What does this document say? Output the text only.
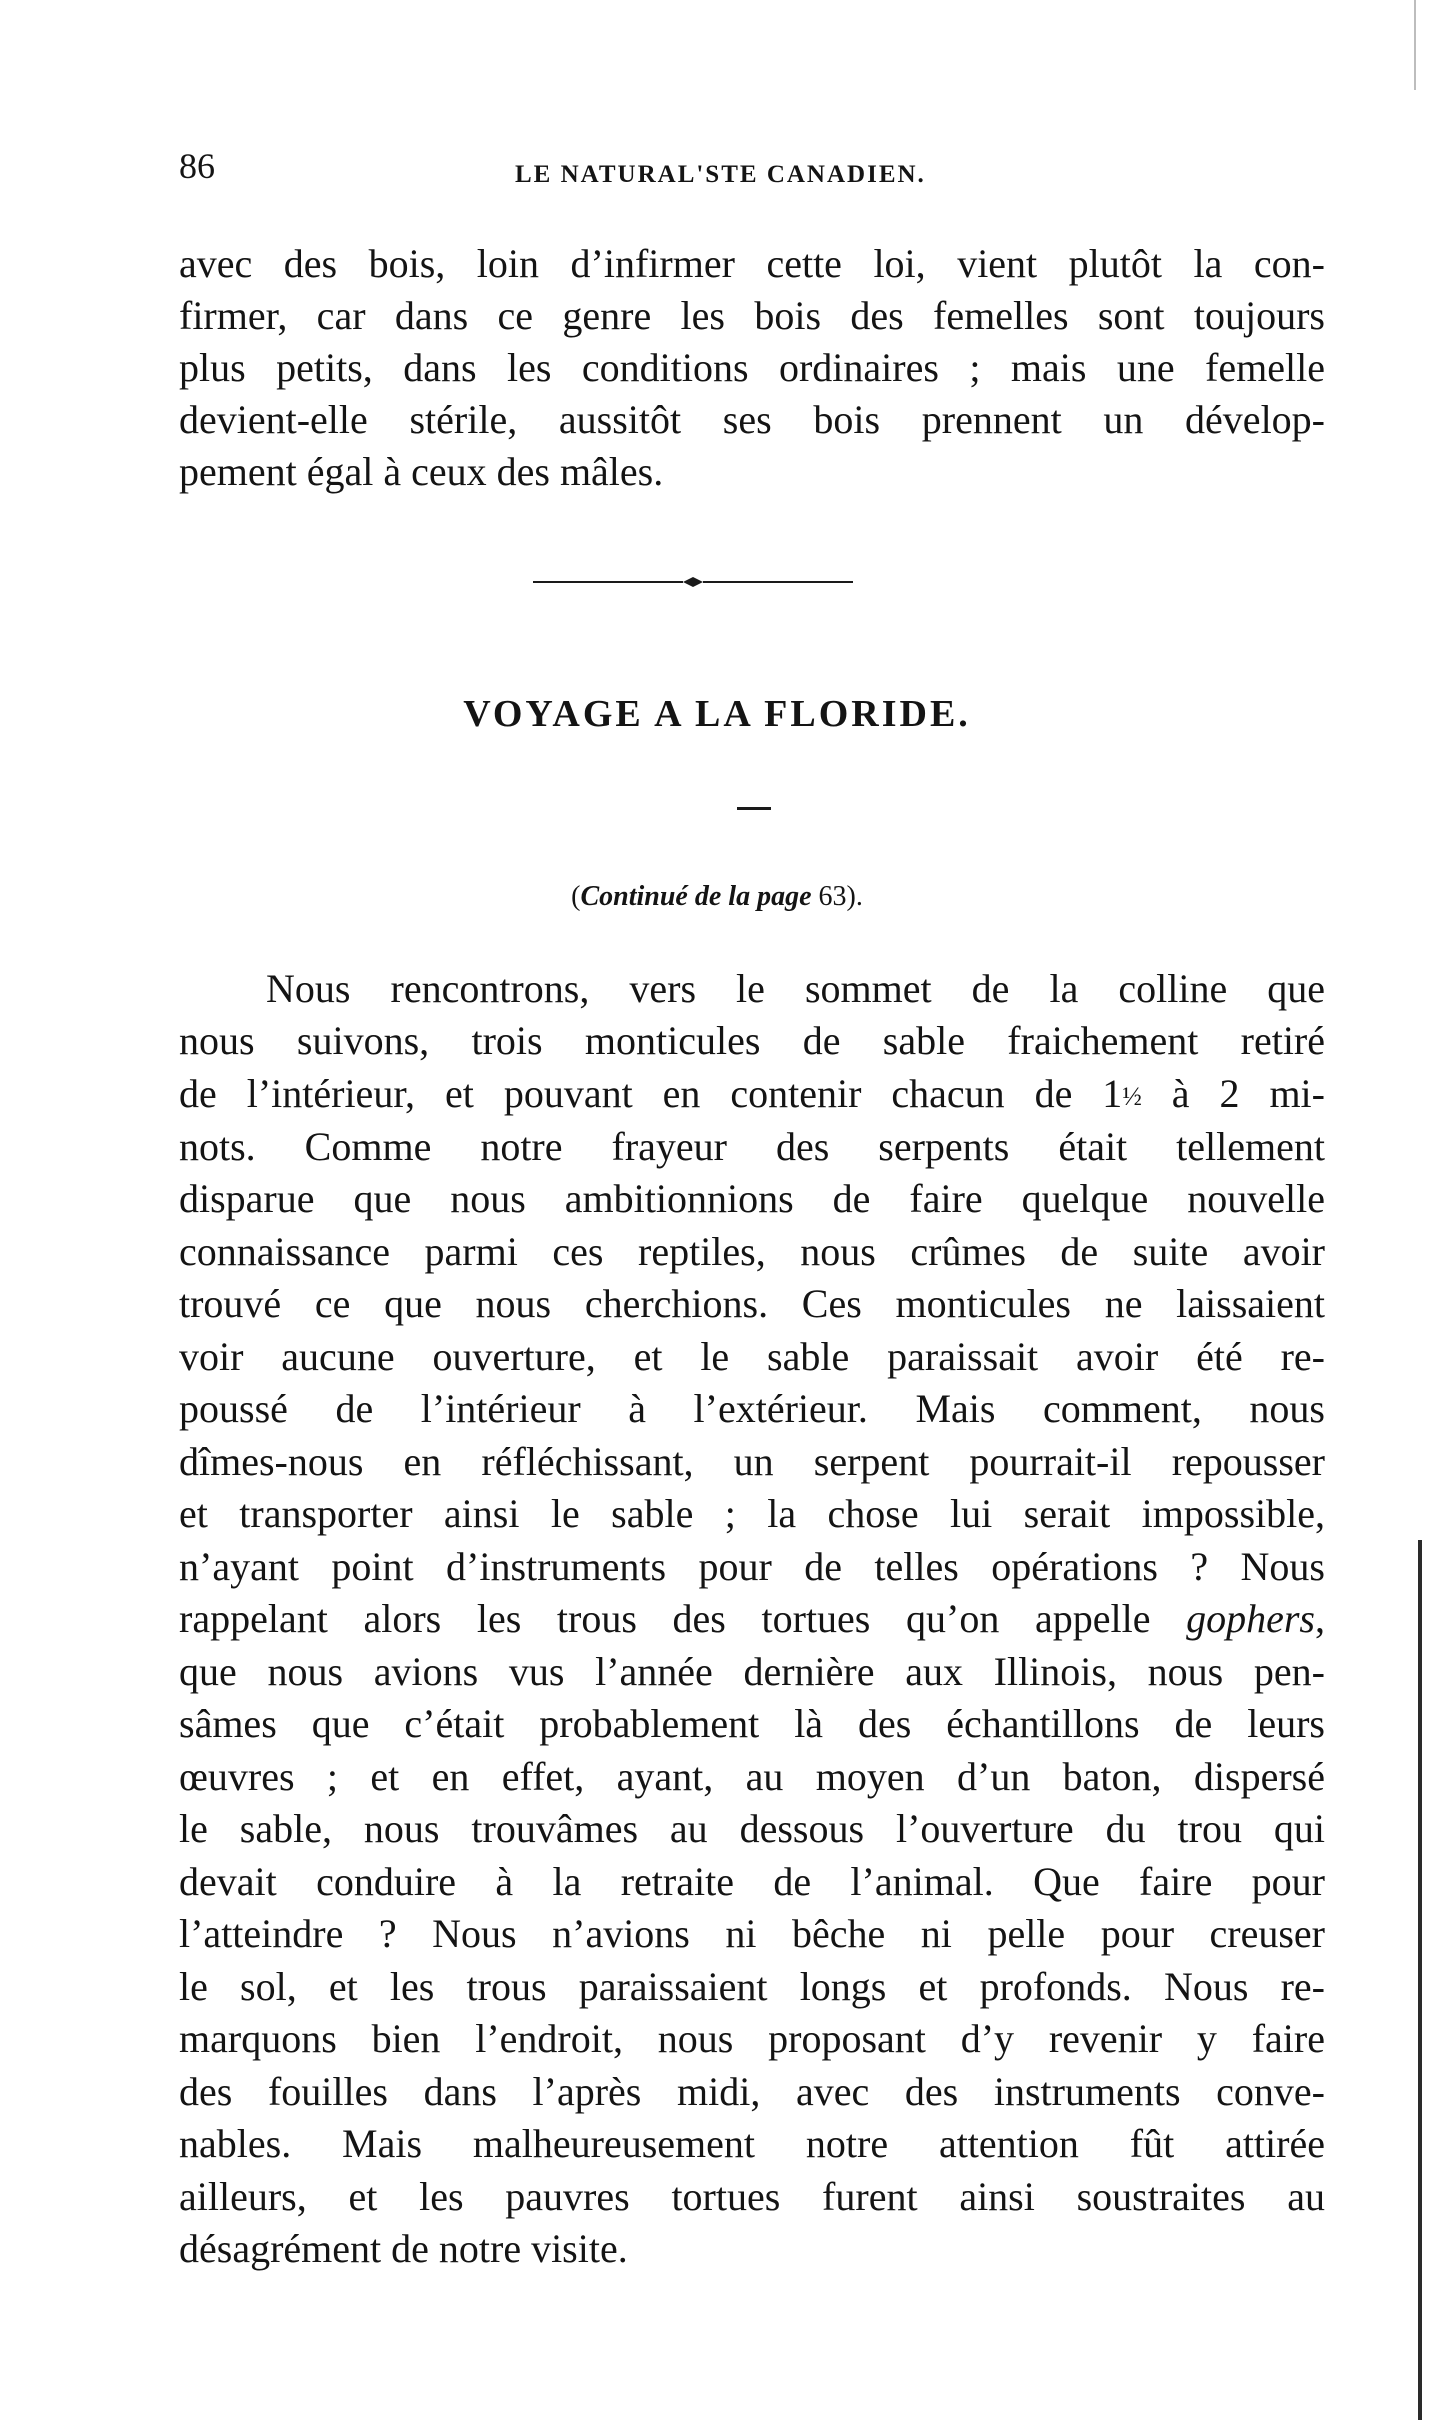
86	LE NATURAL'STE CANADIEN.
avec des bois, loin d’infirmer cette loi, vient plutôt la con-
firmer, car dans ce genre les bois des femelles sont toujours
plus petits, dans les conditions ordinaires ; mais une femelle
devient-elle stérile, aussitôt ses bois prennent un dévelop-
pement égal à ceux des mâles.
VOYAGE A LA FLORIDE.
(Continué de la page 63).
Nous rencontrons, vers le sommet de la colline que
nous suivons, trois monticules de sable fraichement retiré
de l’intérieur, et pouvant en contenir chacun de 1½ à 2 mi-
nots. Comme notre frayeur des serpents était tellement
disparue que nous ambitionnions de faire quelque nouvelle
connaissance parmi ces reptiles, nous crûmes de suite avoir
trouvé ce que nous cherchions. Ces monticules ne laissaient
voir aucune ouverture, et le sable paraissait avoir été re-
poussé de l’intérieur à l’extérieur. Mais comment, nous
dîmes-nous en réfléchissant, un serpent pourrait-il repousser
et transporter ainsi le sable ; la chose lui serait impossible,
n’ayant point d’instruments pour de telles opérations ? Nous
rappelant alors les trous des tortues qu’on appelle gophers,
que nous avions vus l’année dernière aux Illinois, nous pen-
sâmes que c’était probablement là des échantillons de leurs
œuvres ; et en effet, ayant, au moyen d’un baton, dispersé
le sable, nous trouvâmes au dessous l’ouverture du trou qui
devait conduire à la retraite de l’animal. Que faire pour
l’atteindre ? Nous n’avions ni bêche ni pelle pour creuser
le sol, et les trous paraissaient longs et profonds. Nous re-
marquons bien l’endroit, nous proposant d’y revenir y faire
des fouilles dans l’après midi, avec des instruments conve-
nables. Mais malheureusement notre attention fût attirée
ailleurs, et les pauvres tortues furent ainsi soustraites au
désagrément de notre visite.
